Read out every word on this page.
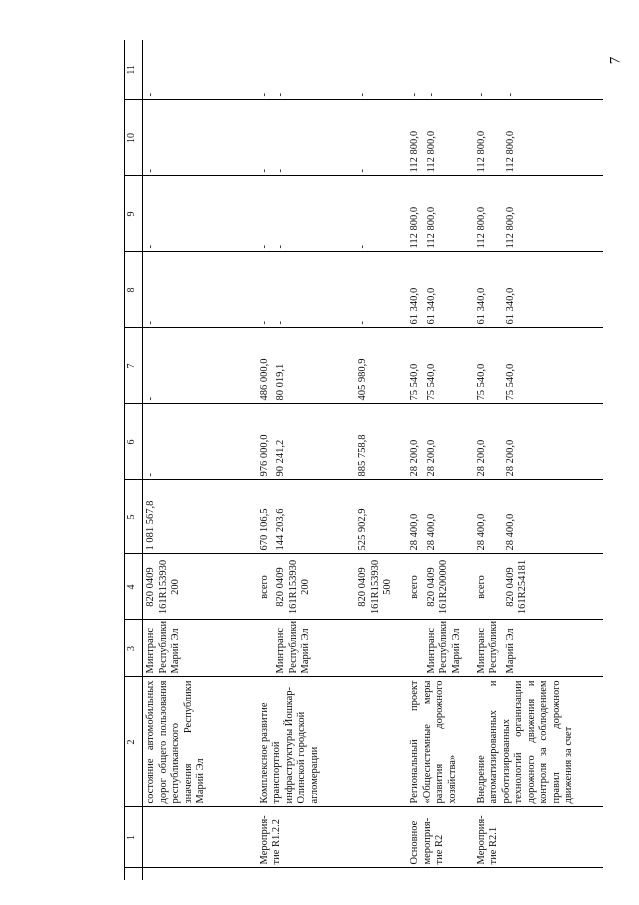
7
	1	2	3	4	5	6	7	8	9	10	11
		состояние автомобильных дорог общего пользования республиканского значения Республики Марий Эл	Минтранс Республики Марий Эл	820 0409 161R153930 200	1 081 567,8	-	-	-	-	-	-
	Мероприя-тие R1.2.2	Комплексное развитие транспортной инфраструктуры Йошкар-Олинской городской агломерации		всего	670 106,5	976 000,0	486 000,0	-	-	-	-
			Минтранс Республики Марий Эл	820 0409 161R153930 200	144 203,6	90 241,2	80 019,1	-	-	-	-
				820 0409 161R153930 500	525 902,9	885 758,8	405 980,9	-	-	-	-
	Основное мероприя-тие R2	Региональный проект «Общесистемные меры развития дорожного хозяйства»		всего	28 400,0	28 200,0	75 540,0	61 340,0	112 800,0	112 800,0	-
			Минтранс Республики Марий Эл	820 0409 161R200000	28 400,0	28 200,0	75 540,0	61 340,0	112 800,0	112 800,0	-
	Мероприя-тие R2.1	Внедрение автоматизированных и роботизированных технологий организации дорожного движения и контроля за соблюдением правил дорожного движения за счет	Минтранс Республики	всего	28 400,0	28 200,0	75 540,0	61 340,0	112 800,0	112 800,0	-
			Марий Эл	820 0409 161R254181	28 400,0	28 200,0	75 540,0	61 340,0	112 800,0	112 800,0	-
